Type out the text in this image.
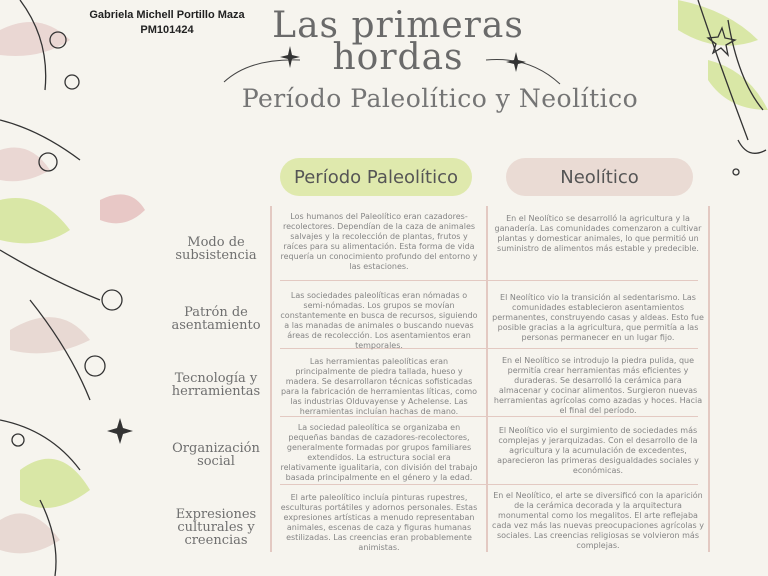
Gabriela Michell Portillo Maza
PM101424	Las primeras
hordas
Período Paleolítico y Neolítico
Período Paleolítico	Neolítico
Modo de
subsistencia
Los humanos del Paleolítico eran cazadores-recolectores. Dependían de la caza de animales salvajes y la recolección de plantas, frutos y raíces para su alimentación. Esta forma de vida requería un conocimiento profundo del entorno y las estaciones.
En el Neolítico se desarrolló la agricultura y la ganadería. Las comunidades comenzaron a cultivar plantas y domesticar animales, lo que permitió un suministro de alimentos más estable y predecible.
Patrón de
asentamiento
Las sociedades paleolíticas eran nómadas o semi-nómadas. Los grupos se movían constantemente en busca de recursos, siguiendo a las manadas de animales o buscando nuevas áreas de recolección. Los asentamientos eran temporales.
El Neolítico vio la transición al sedentarismo. Las comunidades establecieron asentamientos permanentes, construyendo casas y aldeas. Esto fue posible gracias a la agricultura, que permitía a las personas permanecer en un lugar fijo.
Tecnología y
herramientas
Las herramientas paleolíticas eran principalmente de piedra tallada, hueso y madera. Se desarrollaron técnicas sofisticadas para la fabricación de herramientas líticas, como las industrias Olduvayense y Achelense. Las herramientas incluían hachas de mano.
En el Neolítico se introdujo la piedra pulida, que permitía crear herramientas más eficientes y duraderas. Se desarrolló la cerámica para almacenar y cocinar alimentos. Surgieron nuevas herramientas agrícolas como azadas y hoces. Hacia el final del período.
Organización
social
La sociedad paleolítica se organizaba en pequeñas bandas de cazadores-recolectores, generalmente formadas por grupos familiares extendidos. La estructura social era relativamente igualitaria, con división del trabajo basada principalmente en el género y la edad.
El Neolítico vio el surgimiento de sociedades más complejas y jerarquizadas. Con el desarrollo de la agricultura y la acumulación de excedentes, aparecieron las primeras desigualdades sociales y económicas.
Expresiones
culturales y
creencias
El arte paleolítico incluía pinturas rupestres, esculturas portátiles y adornos personales. Estas expresiones artísticas a menudo representaban animales, escenas de caza y figuras humanas estilizadas. Las creencias eran probablemente animistas.
En el Neolítico, el arte se diversificó con la aparición de la cerámica decorada y la arquitectura monumental como los megalitos. El arte reflejaba cada vez más las nuevas preocupaciones agrícolas y sociales. Las creencias religiosas se volvieron más complejas.
